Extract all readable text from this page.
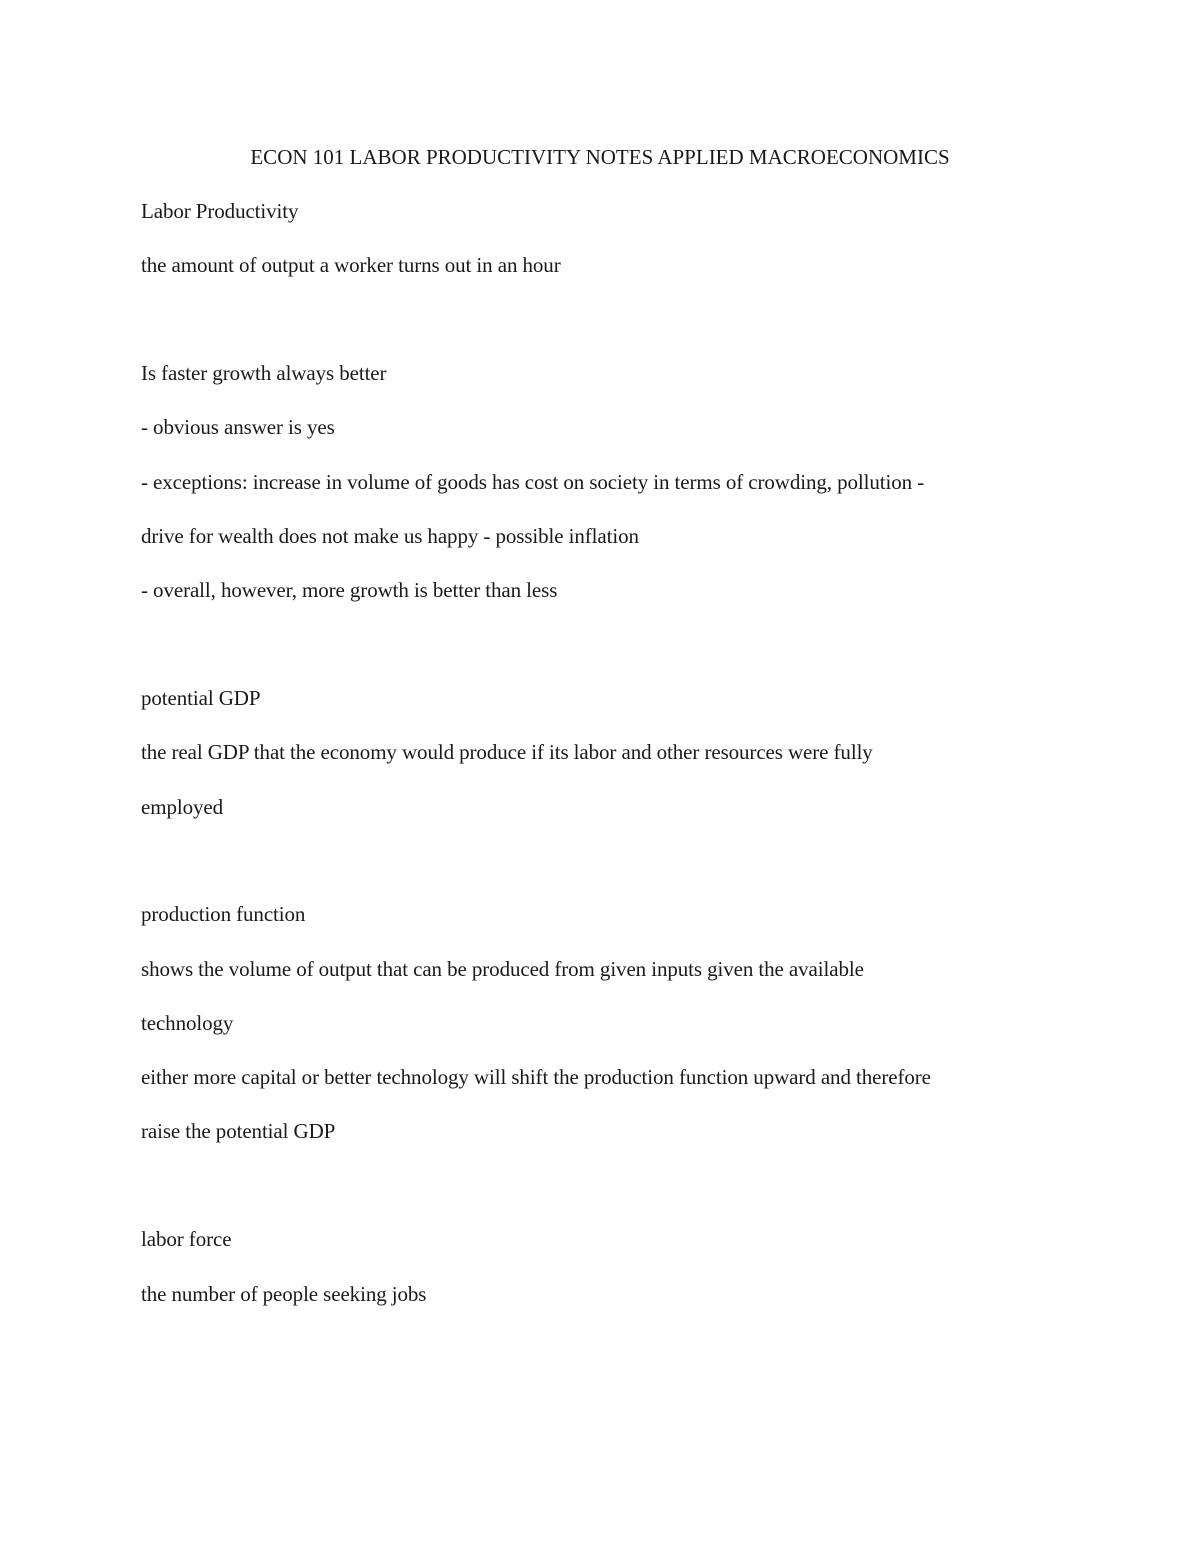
ECON 101 LABOR PRODUCTIVITY NOTES APPLIED MACROECONOMICS
Labor Productivity
the amount of output a worker turns out in an hour
Is faster growth always better
- obvious answer is yes
- exceptions: increase in volume of goods has cost on society in terms of crowding, pollution -
drive for wealth does not make us happy - possible inflation
- overall, however, more growth is better than less
potential GDP
the real GDP that the economy would produce if its labor and other resources were fully
employed
production function
shows the volume of output that can be produced from given inputs given the available
technology
either more capital or better technology will shift the production function upward and therefore
raise the potential GDP
labor force
the number of people seeking jobs
